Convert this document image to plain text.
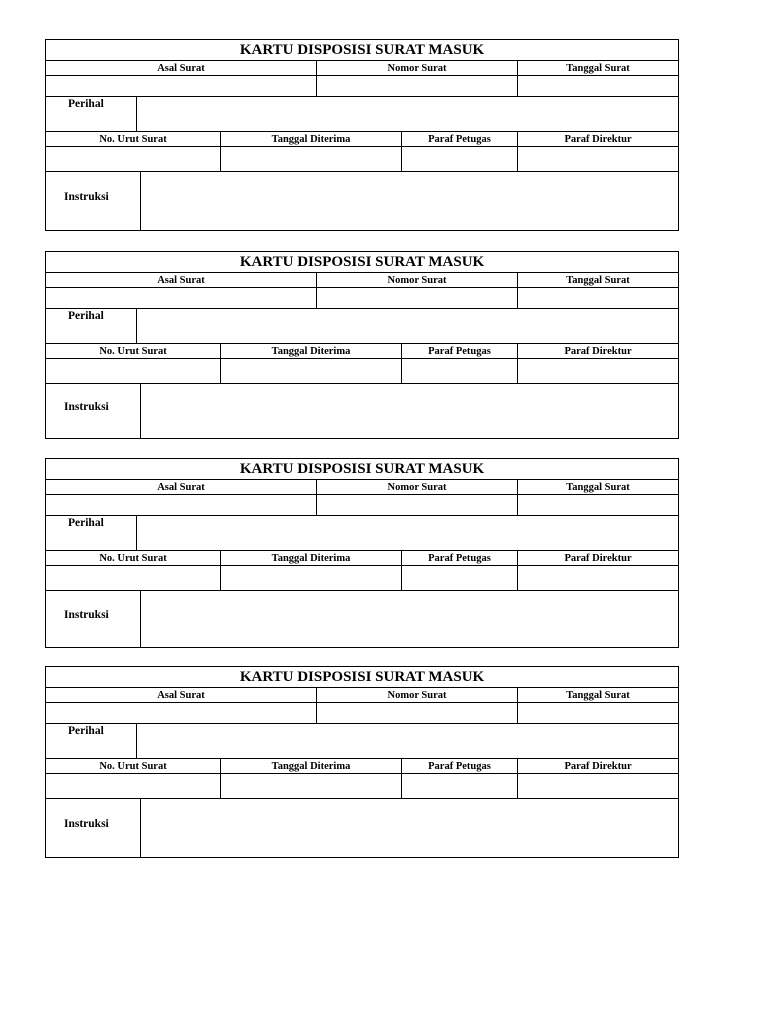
KARTU DISPOSISI SURAT MASUK						
Asal Surat				Nomor Surat		Tanggal Surat

Perihal						
No. Urut Surat			Tanggal Diterima		Paraf Petugas	Paraf Direktur

Instruksi						
KARTU DISPOSISI SURAT MASUK						
Asal Surat				Nomor Surat		Tanggal Surat

Perihal						
No. Urut Surat			Tanggal Diterima		Paraf Petugas	Paraf Direktur

Instruksi						
KARTU DISPOSISI SURAT MASUK						
Asal Surat				Nomor Surat		Tanggal Surat

Perihal						
No. Urut Surat			Tanggal Diterima		Paraf Petugas	Paraf Direktur

Instruksi						
KARTU DISPOSISI SURAT MASUK						
Asal Surat				Nomor Surat		Tanggal Surat

Perihal						
No. Urut Surat			Tanggal Diterima		Paraf Petugas	Paraf Direktur

Instruksi						
